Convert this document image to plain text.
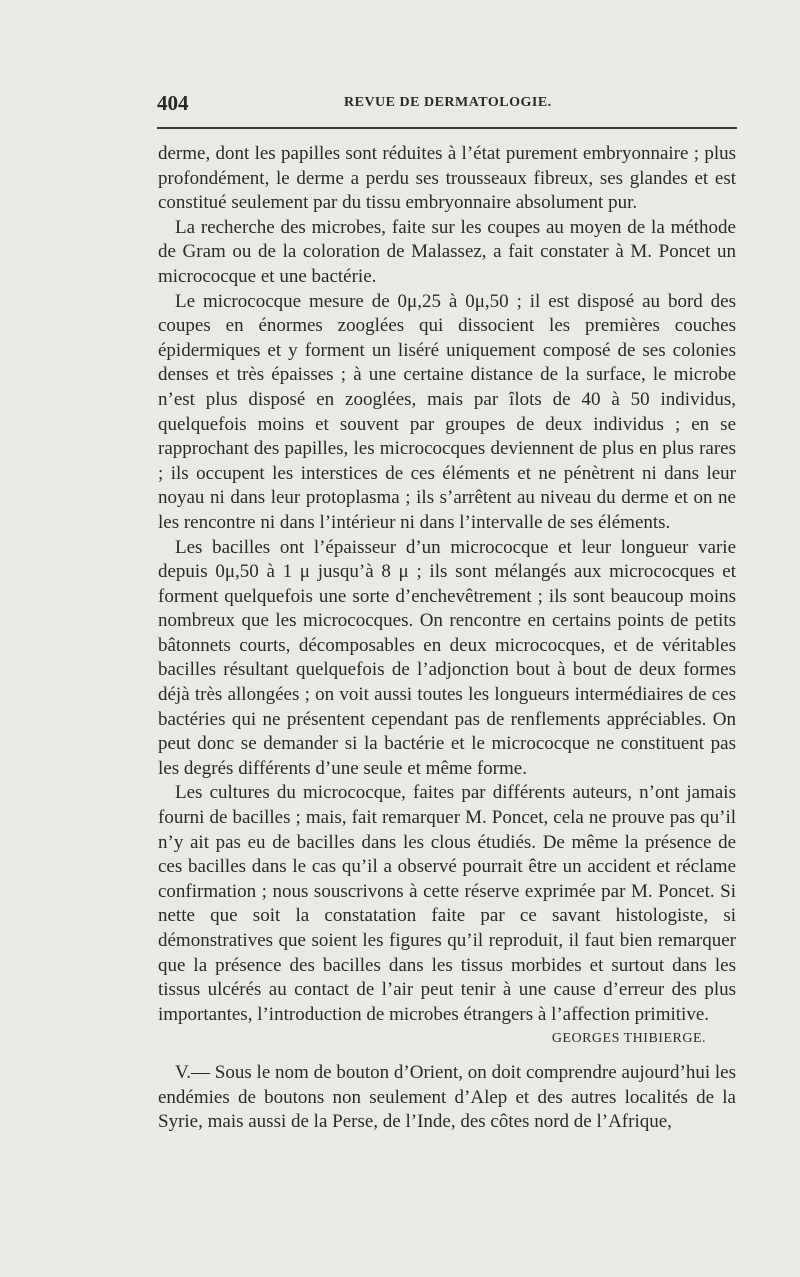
404	REVUE DE DERMATOLOGIE.

derme, dont les papilles sont réduites à l’état purement embryonnaire ; plus profondément, le derme a perdu ses trousseaux fibreux, ses glandes et est constitué seulement par du tissu embryonnaire absolument pur.

La recherche des microbes, faite sur les coupes au moyen de la méthode de Gram ou de la coloration de Malassez, a fait constater à M. Poncet un micrococque et une bactérie.

Le micrococque mesure de 0μ,25 à 0μ,50 ; il est disposé au bord des coupes en énormes zooglées qui dissocient les premières couches épidermiques et y forment un liséré uniquement composé de ses colonies denses et très épaisses ; à une certaine distance de la surface, le microbe n’est plus disposé en zooglées, mais par îlots de 40 à 50 individus, quelquefois moins et souvent par groupes de deux individus ; en se rapprochant des papilles, les micrococques deviennent de plus en plus rares ; ils occupent les interstices de ces éléments et ne pénètrent ni dans leur noyau ni dans leur protoplasma ; ils s’arrêtent au niveau du derme et on ne les rencontre ni dans l’intérieur ni dans l’intervalle de ses éléments.

Les bacilles ont l’épaisseur d’un micrococque et leur longueur varie depuis 0μ,50 à 1 μ jusqu’à 8 μ ; ils sont mélangés aux micrococques et forment quelquefois une sorte d’enchevêtrement ; ils sont beaucoup moins nombreux que les micrococques. On rencontre en certains points de petits bâtonnets courts, décomposables en deux micrococques, et de véritables bacilles résultant quelquefois de l’adjonction bout à bout de deux formes déjà très allongées ; on voit aussi toutes les longueurs intermédiaires de ces bactéries qui ne présentent cependant pas de renflements appréciables. On peut donc se demander si la bactérie et le micrococque ne constituent pas les degrés différents d’une seule et même forme.

Les cultures du micrococque, faites par différents auteurs, n’ont jamais fourni de bacilles ; mais, fait remarquer M. Poncet, cela ne prouve pas qu’il n’y ait pas eu de bacilles dans les clous étudiés. De même la présence de ces bacilles dans le cas qu’il a observé pourrait être un accident et réclame confirmation ; nous souscrivons à cette réserve exprimée par M. Poncet. Si nette que soit la constatation faite par ce savant histologiste, si démonstratives que soient les figures qu’il reproduit, il faut bien remarquer que la présence des bacilles dans les tissus morbides et surtout dans les tissus ulcérés au contact de l’air peut tenir à une cause d’erreur des plus importantes, l’introduction de microbes étrangers à l’affection primitive.
GEORGES THIBIERGE.

V.— Sous le nom de bouton d’Orient, on doit comprendre aujourd’hui les endémies de boutons non seulement d’Alep et des autres localités de la Syrie, mais aussi de la Perse, de l’Inde, des côtes nord de l’Afrique,
